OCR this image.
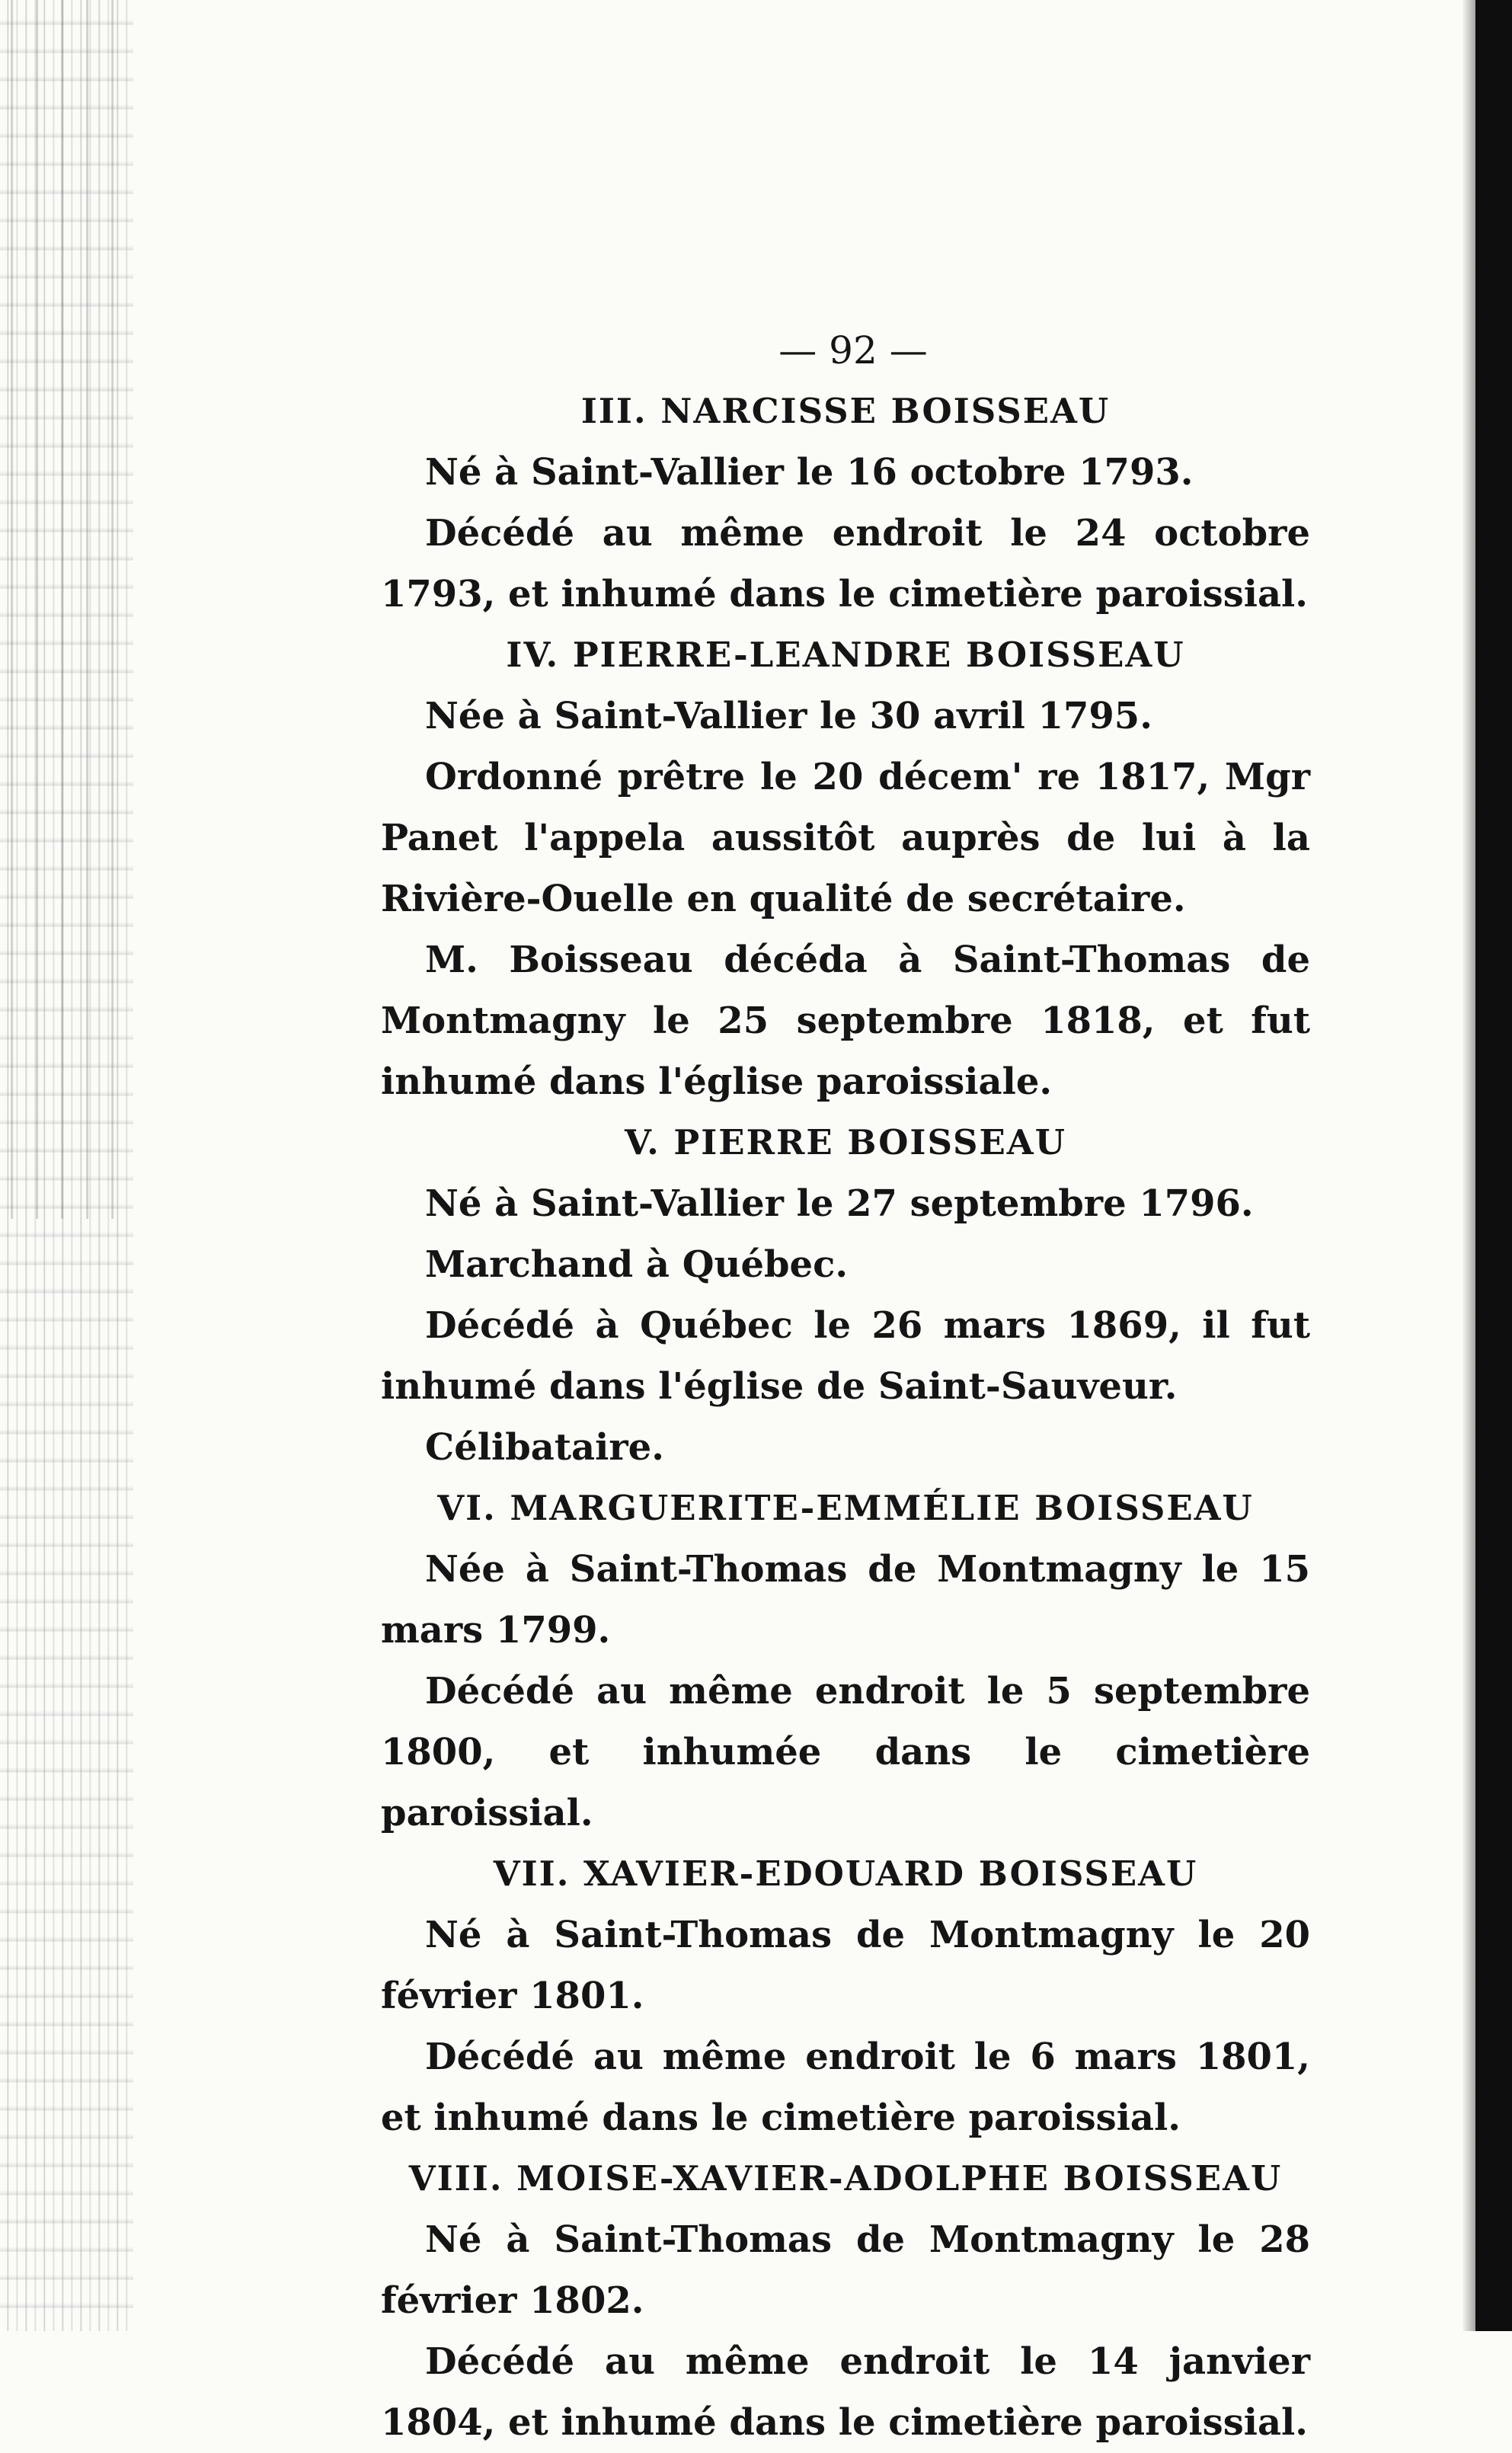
— 92 —

III. NARCISSE BOISSEAU

Né à Saint-Vallier le 16 octobre 1793.

Décédé au même endroit le 24 octobre 1793, et inhumé dans le cimetière paroissial.

IV. PIERRE-LEANDRE BOISSEAU

Née à Saint-Vallier le 30 avril 1795.

Ordonné prêtre le 20 décem' re 1817, Mgr Panet l'appela aussitôt auprès de lui à la Rivière-Ouelle en qualité de secrétaire.

M. Boisseau décéda à Saint-Thomas de Montmagny le 25 septembre 1818, et fut inhumé dans l'église paroissiale.

V. PIERRE BOISSEAU

Né à Saint-Vallier le 27 septembre 1796.

Marchand à Québec.

Décédé à Québec le 26 mars 1869, il fut inhumé dans l'église de Saint-Sauveur.

Célibataire.

VI. MARGUERITE-EMMÉLIE BOISSEAU

Née à Saint-Thomas de Montmagny le 15 mars 1799.

Décédé au même endroit le 5 septembre 1800, et inhumée dans le cimetière paroissial.

VII. XAVIER-EDOUARD BOISSEAU

Né à Saint-Thomas de Montmagny le 20 février 1801.

Décédé au même endroit le 6 mars 1801, et inhumé dans le cimetière paroissial.

VIII. MOISE-XAVIER-ADOLPHE BOISSEAU

Né à Saint-Thomas de Montmagny le 28 février 1802.

Décédé au même endroit le 14 janvier 1804, et inhumé dans le cimetière paroissial.
